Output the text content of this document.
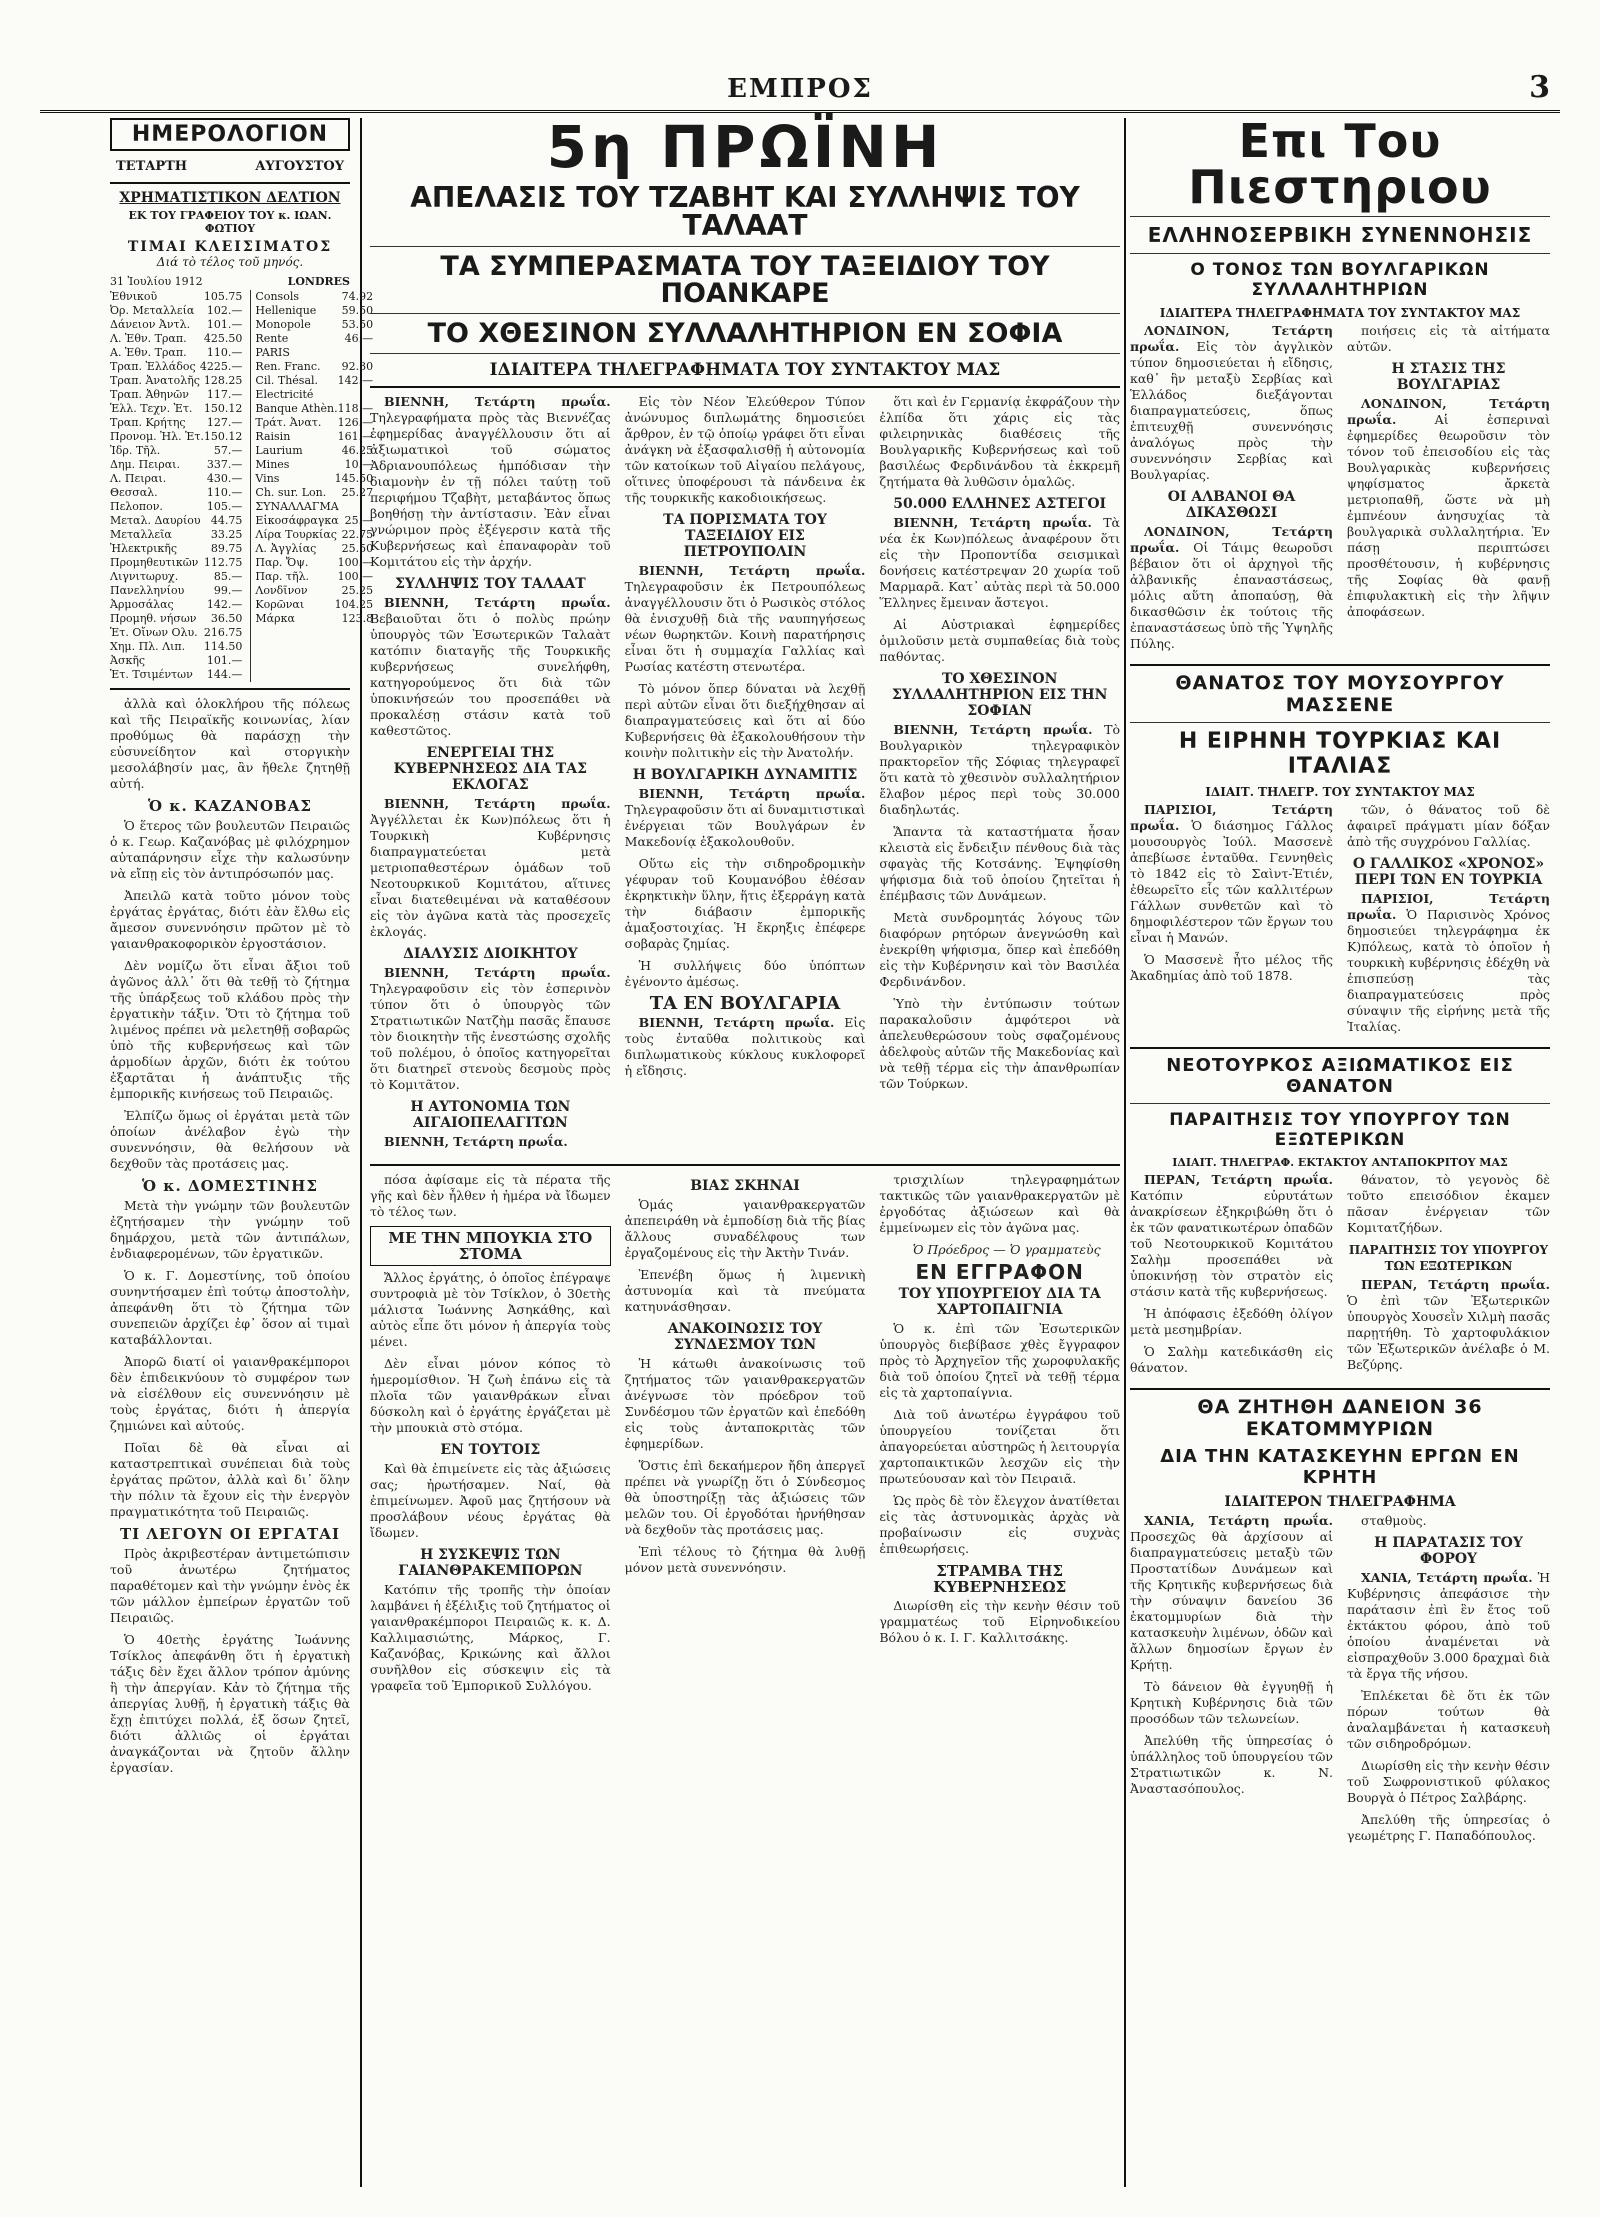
ΕΜΠΡΟΣ	3
ΗΜΕΡΟΛΟΓΙΟΝ
ΤΕΤΑΡΤΗ	ΑΥΓΟΥΣΤΟΥ
ΧΡΗΜΑΤΙΣΤΙΚΟΝ ΔΕΛΤΙΟΝ
ΕΚ ΤΟΥ ΓΡΑΦΕΙΟΥ ΤΟΥ κ. ΙΩΑΝ. ΦΩΤΙΟΥ
ΤΙΜΑΙ ΚΛΕΙΣΙΜΑΤΟΣ
Διά τὸ τέλος τοῦ μηνός.
31 Ἰουλίου 1912	LONDRES
Ἐθνικοῦ	105.75
Ὀρ. Μεταλλεία 102.—
Δάνειον Ἀντλ. 101.—
Λ. Ἐθν. Τραπ. 425.50
Α. Ἐθν. Τραπ. 110.—
Τραπ. Ἐλλάδος 4225.—
Τραπ. Ἀνατολῆς 128.25
Τραπ. Ἀθηνῶν 117.—
Ἑλλ. Τεχν. Ἑτ. 150.12
Τραπ. Κρήτης 127.—
Προνομ. Ἠλ. Ἑτ. 150.12
Ἰδρ. Τῆλ.	57.—
Δημ. Πειραι. 337.—
Λ. Πειραι.	430.—
Θεσσαλ.	110.—
Πελοπον.	105.—
Μεταλ. Δαυρίου 44.75
Μεταλλεῖα	33.25
Ἠλεκτρικῆς	89.75
Προμηθευτικῶν 112.75
Λιγνιτωρυχ.	85.—
Πανελληνίου	99.—
Ἀρμοσάλας	142.—
Προμηθ. νήσων 36.50
Ἑτ. Οἴνων Ολυ. 216.75
Χημ. Πλ. Λιπ. 114.50
Ἀσκῆς	101.—
Ἑτ. Τσιμέντων 144.—
Consols	74.92
Hellenique 59.50
Monopole	53.50
Rente	46.—
PARIS
Ren. Franc. 92.30
Cil. Thésal. 142.—
Electricité
Banque Athèn. 118.—
Τράτ. Ἀνατ. 126.—
Raisin	161.—
Laurium	46.25
Mines	10.—
Vins	145.50
Ch. sur. Lon. 25.27
ΣΥΝΑΛΛΑΓΜΑ
Εἰκοσάφραγκα 25.—
Λίρα Τουρκίας 22.75
Λ. Ἀγγλίας 25.50
Παρ. Ὄψ.	100.—
Παρ. τῆλ.	100.—
Λονδῖνον	25.25
Κορῶναι	104.25
Μάρκα	123.8

ἀλλὰ καὶ ὁλοκλήρου τῆς πόλεως καὶ τῆς Πειραϊκῆς κοινωνίας, λίαν προθύμως θὰ παράσχῃ τὴν εὐσυνείδητον καὶ στοργικὴν μεσολάβησίν μας, ἂν ἤθελε ζητηθῇ αὐτή.

Ὁ κ. ΚΑΖΑΝΟΒΑΣ

Ὁ ἕτερος τῶν βουλευτῶν Πειραιῶς ὁ κ. Γεωρ. Καζανόβας μὲ φιλόχρημον αὐταπάρνησιν εἶχε τὴν καλωσύνην νὰ εἴπῃ εἰς τὸν ἀντιπρόσωπόν μας.

Ἀπειλῶ κατὰ τοῦτο μόνον τοὺς ἐργάτας ἐργάτας, διότι ἐὰν ἔλθω εἰς ἄμεσον συνεννόησιν πρῶτον μὲ τὸ γαιανθρακοφορικὸν ἐργοστάσιον.

Δὲν νομίζω ὅτι εἶναι ἄξιοι τοῦ ἀγῶνος ἀλλ᾽ ὅτι θὰ τεθῇ τὸ ζήτημα τῆς ὑπάρξεως τοῦ κλάδου πρὸς τὴν ἐργατικὴν τάξιν. Ὅτι τὸ ζήτημα τοῦ λιμένος πρέπει νὰ μελετηθῇ σοβαρῶς ὑπὸ τῆς κυβερνήσεως καὶ τῶν ἁρμοδίων ἀρχῶν, διότι ἐκ τούτου ἐξαρτᾶται ἡ ἀνάπτυξις τῆς ἐμπορικῆς κινήσεως τοῦ Πειραιῶς.

Ἐλπίζω ὅμως οἱ ἐργάται μετὰ τῶν ὁποίων ἀνέλαβον ἐγὼ τὴν συνεννόησιν, θὰ θελήσουν νὰ δεχθοῦν τὰς προτάσεις μας.

Ὁ κ. ΔΟΜΕΣΤΙΝΗΣ

Μετὰ τὴν γνώμην τῶν βουλευτῶν ἐζητήσαμεν τὴν γνώμην τοῦ δημάρχου, μετὰ τῶν ἀντιπάλων, ἐνδιαφερομένων, τῶν ἐργατικῶν.

Ὁ κ. Γ. Δομεστίνης, τοῦ ὁποίου συνηντήσαμεν ἐπὶ τούτῳ ἀποστολὴν, ἀπεφάνθη ὅτι τὸ ζήτημα τῶν συνεπειῶν ἀρχίζει ἐφ᾽ ὅσον αἱ τιμαὶ καταβάλλονται.

Ἀπορῶ διατί οἱ γαιανθρακέμποροι δὲν ἐπιδεικνύουν τὸ συμφέρον των νὰ εἰσέλθουν εἰς συνεννόησιν μὲ τοὺς ἐργάτας, διότι ἡ ἀπεργία ζημιώνει καὶ αὐτούς.

Ποῖαι δὲ θὰ εἶναι αἱ καταστρεπτικαὶ συνέπειαι διὰ τοὺς ἐργάτας πρῶτον, ἀλλὰ καὶ δι᾽ ὅλην τὴν πόλιν τὰ ἔχουν εἰς τὴν ἐνεργὸν πραγματικότητα τοῦ Πειραιῶς.

ΤΙ ΛΕΓΟΥΝ ΟΙ ΕΡΓΑΤΑΙ

Πρὸς ἀκριβεστέραν ἀντιμετώπισιν τοῦ ἀνωτέρω ζητήματος παραθέτομεν καὶ τὴν γνώμην ἑνὸς ἐκ τῶν μάλλον ἐμπείρων ἐργατῶν τοῦ Πειραιῶς.

Ὁ 40ετὴς ἐργάτης Ἰωάννης Τσίκλος ἀπεφάνθη ὅτι ἡ ἐργατικὴ τάξις δὲν ἔχει ἄλλον τρόπον ἀμύνης ἢ τὴν ἀπεργίαν. Κἀν τὸ ζήτημα τῆς ἀπεργίας λυθῇ, ἡ ἐργατικὴ τάξις θὰ ἔχῃ ἐπιτύχει πολλά, ἐξ ὅσων ζητεῖ, διότι ἀλλιῶς οἱ ἐργάται ἀναγκάζονται νὰ ζητοῦν ἄλλην ἐργασίαν.

5η ΠΡΩΪΝΗ
ΑΠΕΛΑΣΙΣ ΤΟΥ ΤΖΑΒΗΤ ΚΑΙ ΣΥΛΛΗΨΙΣ ΤΟΥ ΤΑΛΑΑΤ
ΤΑ ΣΥΜΠΕΡΑΣΜΑΤΑ ΤΟΥ ΤΑΞΕΙΔΙΟΥ ΤΟΥ ΠΟΑΝΚΑΡΕ
ΤΟ ΧΘΕΣΙΝΟΝ ΣΥΛΛΑΛΗΤΗΡΙΟΝ ΕΝ ΣΟΦΙΑ
ΙΔΙΑΙΤΕΡΑ ΤΗΛΕΓΡΑΦΗΜΑΤΑ ΤΟΥ ΣΥΝΤΑΚΤΟΥ ΜΑΣ

ΒΙΕΝΝΗ, Τετάρτη πρωΐα. Τηλεγραφήματα πρὸς τὰς Βιεννέζας ἐφημερίδας ἀναγγέλλουσιν ὅτι αἱ ἀξιωματικοὶ τοῦ σώματος Ἀδριανουπόλεως ἠμπόδισαν τὴν διαμονὴν ἐν τῇ πόλει ταύτῃ τοῦ περιφήμου Τζαβὴτ, μεταβάντος ὅπως βοηθήσῃ τὴν ἀντίστασιν. Ἐὰν εἶναι γνώριμον πρὸς ἐξέγερσιν κατὰ τῆς Κυβερνήσεως καὶ ἐπαναφορὰν τοῦ Κομιτάτου εἰς τὴν ἀρχήν.

ΣΥΛΛΗΨΙΣ ΤΟΥ ΤΑΛΑΑΤ

ΒΙΕΝΝΗ, Τετάρτη πρωΐα. Βεβαιοῦται ὅτι ὁ πολὺς πρώην ὑπουργὸς τῶν Ἐσωτερικῶν Ταλαὰτ κατόπιν διαταγῆς τῆς Τουρκικῆς κυβερνήσεως συνελήφθη, κατηγορούμενος ὅτι διὰ τῶν ὑποκινήσεών του προσεπάθει νὰ προκαλέσῃ στάσιν κατὰ τοῦ καθεστῶτος.

ΕΝΕΡΓΕΙΑΙ ΤΗΣ ΚΥΒΕΡΝΗΣΕΩΣ ΔΙΑ ΤΑΣ ΕΚΛΟΓΑΣ

ΒΙΕΝΝΗ, Τετάρτη πρωΐα. Ἀγγέλλεται ἐκ Κων)πόλεως ὅτι ἡ Τουρκικὴ Κυβέρνησις διαπραγματεύεται μετὰ μετριοπαθεστέρων ὁμάδων τοῦ Νεοτουρκικοῦ Κομιτάτου, αἵτινες εἶναι διατεθειμέναι νὰ καταθέσουν εἰς τὸν ἀγῶνα κατὰ τὰς προσεχεῖς ἐκλογάς.

ΔΙΑΛΥΣΙΣ ΔΙΟΙΚΗΤΟΥ

ΒΙΕΝΝΗ, Τετάρτη πρωΐα. Τηλεγραφοῦσιν εἰς τὸν ἑσπερινὸν τύπον ὅτι ὁ ὑπουργὸς τῶν Στρατιωτικῶν Νατζὴμ πασᾶς ἔπαυσε τὸν διοικητὴν τῆς ἐνεστώσης σχολῆς τοῦ πολέμου, ὁ ὁποῖος κατηγορεῖται ὅτι διατηρεῖ στενοὺς δεσμοὺς πρὸς τὸ Κομιτᾶτον.

Η ΑΥΤΟΝΟΜΙΑ ΤΩΝ ΑΙΓΑΙΟΠΕΛΑΓΙΤΩΝ

ΒΙΕΝΝΗ, Τετάρτη πρωΐα.

Εἰς τὸν Νέον Ἐλεύθερον Τύπον ἀνώνυμος διπλωμάτης δημοσιεύει ἄρθρον, ἐν τῷ ὁποίῳ γράφει ὅτι εἶναι ἀνάγκη νὰ ἐξασφαλισθῇ ἡ αὐτονομία τῶν κατοίκων τοῦ Αἰγαίου πελάγους, οἵτινες ὑποφέρουσι τὰ πάνδεινα ἐκ τῆς τουρκικῆς κακοδιοικήσεως.

ΤΑ ΠΟΡΙΣΜΑΤΑ ΤΟΥ ΤΑΞΕΙΔΙΟΥ ΕΙΣ ΠΕΤΡΟΥΠΟΛΙΝ

ΒΙΕΝΝΗ, Τετάρτη πρωΐα. Τηλεγραφοῦσιν ἐκ Πετρουπόλεως ἀναγγέλλουσιν ὅτι ὁ Ρωσικὸς στόλος θὰ ἐνισχυθῇ διὰ τῆς ναυπηγήσεως νέων θωρηκτῶν. Κοινὴ παρατήρησις εἶναι ὅτι ἡ συμμαχία Γαλλίας καὶ Ρωσίας κατέστη στενωτέρα.

Τὸ μόνον ὅπερ δύναται νὰ λεχθῇ περὶ αὐτῶν εἶναι ὅτι διεξήχθησαν αἱ διαπραγματεύσεις καὶ ὅτι αἱ δύο Κυβερνήσεις θὰ ἐξακολουθήσουν τὴν κοινὴν πολιτικὴν εἰς τὴν Ἀνατολήν.

Η ΒΟΥΛΓΑΡΙΚΗ ΔΥΝΑΜΙΤΙΣ

ΒΙΕΝΝΗ, Τετάρτη πρωΐα. Τηλεγραφοῦσιν ὅτι αἱ δυναμιτιστικαὶ ἐνέργειαι τῶν Βουλγάρων ἐν Μακεδονίᾳ ἐξακολουθοῦν.

Οὕτω εἰς τὴν σιδηροδρομικὴν γέφυραν τοῦ Κουμανόβου ἐθέσαν ἐκρηκτικὴν ὕλην, ἥτις ἐξερράγη κατὰ τὴν διάβασιν ἐμπορικῆς ἁμαξοστοιχίας. Ἡ ἔκρηξις ἐπέφερε σοβαρὰς ζημίας.

Ἡ συλλήψεις δύο ὑπόπτων ἐγένοντο ἀμέσως.

ΤΑ ΕΝ ΒΟΥΛΓΑΡΙΑ

ΒΙΕΝΝΗ, Τετάρτη πρωΐα. Εἰς τοὺς ἐνταῦθα πολιτικοὺς καὶ διπλωματικοὺς κύκλους κυκλοφορεῖ ἡ εἴδησις.

ὅτι καὶ ἐν Γερμανίᾳ ἐκφράζουν τὴν ἐλπίδα ὅτι χάρις εἰς τὰς φιλειρηνικὰς διαθέσεις τῆς Βουλγαρικῆς Κυβερνήσεως καὶ τοῦ βασιλέως Φερδινάνδου τὰ ἐκκρεμῆ ζητήματα θὰ λυθῶσιν ὁμαλῶς.

50.000 ΕΛΛΗΝΕΣ ΑΣΤΕΓΟΙ

ΒΙΕΝΝΗ, Τετάρτη πρωΐα. Τὰ νέα ἐκ Κων)πόλεως ἀναφέρουν ὅτι εἰς τὴν Προποντίδα σεισμικαὶ δονήσεις κατέστρεψαν 20 χωρία τοῦ Μαρμαρᾶ. Κατ᾽ αὐτὰς περὶ τὰ 50.000 Ἕλληνες ἔμειναν ἄστεγοι.

Αἱ Αὐστριακαὶ ἐφημερίδες ὁμιλοῦσιν μετὰ συμπαθείας διὰ τοὺς παθόντας.

ΤΟ ΧΘΕΣΙΝΟΝ ΣΥΛΛΑΛΗΤΗΡΙΟΝ ΕΙΣ ΤΗΝ ΣΟΦΙΑΝ

ΒΙΕΝΝΗ, Τετάρτη πρωΐα. Τὸ Βουλγαρικὸν τηλεγραφικὸν πρακτορεῖον τῆς Σόφιας τηλεγραφεῖ ὅτι κατὰ τὸ χθεσινὸν συλλαλητήριον ἔλαβον μέρος περὶ τοὺς 30.000 διαδηλωτάς.

Ἅπαντα τὰ καταστήματα ἦσαν κλειστὰ εἰς ἔνδειξιν πένθους διὰ τὰς σφαγὰς τῆς Κοτσάνης. Ἐψηφίσθη ψήφισμα διὰ τοῦ ὁποίου ζητεῖται ἡ ἐπέμβασις τῶν Δυνάμεων.

Μετὰ συνδρομητάς λόγους τῶν διαφόρων ρητόρων ἀνεγνώσθη καὶ ἐνεκρίθη ψήφισμα, ὅπερ καὶ ἐπεδόθη εἰς τὴν Κυβέρνησιν καὶ τὸν Βασιλέα Φερδινάνδον.

Ὑπὸ τὴν ἐντύπωσιν τούτων παρακαλοῦσιν ἀμφότεροι νὰ ἀπελευθερώσουν τοὺς σφαζομένους ἀδελφοὺς αὐτῶν τῆς Μακεδονίας καὶ νὰ τεθῇ τέρμα εἰς τὴν ἀπανθρωπίαν τῶν Τούρκων.

πόσα ἀφίσαμε εἰς τὰ πέρατα τῆς γῆς καὶ δὲν ἦλθεν ἡ ἡμέρα νὰ ἴδωμεν τὸ τέλος των.

ΜΕ ΤΗΝ ΜΠΟΥΚΙΑ ΣΤΟ ΣΤΟΜΑ

Ἄλλος ἐργάτης, ὁ ὁποῖος ἐπέγραψε συντροφιὰ μὲ τὸν Τσίκλον, ὁ 30ετὴς μάλιστα Ἰωάννης Ἀσηκάθης, καὶ αὐτὸς εἶπε ὅτι μόνον ἡ ἀπεργία τοὺς μένει.

Δὲν εἶναι μόνον κόπος τὸ ἡμερομίσθιον. Ἡ ζωὴ ἐπάνω εἰς τὰ πλοῖα τῶν γαιανθράκων εἶναι δύσκολη καὶ ὁ ἐργάτης ἐργάζεται μὲ τὴν μπουκιὰ στὸ στόμα.

ΕΝ ΤΟΥΤΟΙΣ

Καὶ θὰ ἐπιμείνετε εἰς τὰς ἀξιώσεις σας; ἠρωτήσαμεν. Ναί, θὰ ἐπιμείνωμεν. Ἀφοῦ μας ζητήσουν νὰ προσλάβουν νέους ἐργάτας θὰ ἴδωμεν.

Η ΣΥΣΚΕΨΙΣ ΤΩΝ ΓΑΙΑΝΘΡΑΚΕΜΠΟΡΩΝ

Κατόπιν τῆς τροπῆς τὴν ὁποίαν λαμβάνει ἡ ἐξέλιξις τοῦ ζητήματος οἱ γαιανθρακέμποροι Πειραιῶς κ. κ. Δ. Καλλιμασιώτης, Μάρκος, Γ. Καζανόβας, Κρικώνης καὶ ἄλλοι συνῆλθον εἰς σύσκεψιν εἰς τὰ γραφεῖα τοῦ Ἐμπορικοῦ Συλλόγου.

ΒΙΑΣ ΣΚΗΝΑΙ

Ὁμάς γαιανθρακεργατῶν ἀπεπειράθη νὰ ἐμποδίσῃ διὰ τῆς βίας ἄλλους συναδέλφους των ἐργαζομένους εἰς τὴν Ἀκτὴν Τινάν.

Ἐπενέβη ὅμως ἡ λιμενικὴ ἀστυνομία καὶ τὰ πνεύματα κατηυνάσθησαν.

ΑΝΑΚΟΙΝΩΣΙΣ ΤΟΥ ΣΥΝΔΕΣΜΟΥ ΤΩΝ

Ἡ κάτωθι ἀνακοίνωσις τοῦ ζητήματος τῶν γαιανθρακεργατῶν ἀνέγνωσε τὸν πρόεδρον τοῦ Συνδέσμου τῶν ἐργατῶν καὶ ἐπεδόθη εἰς τοὺς ἀνταποκριτὰς τῶν ἐφημερίδων.

Ὅστις ἐπὶ δεκαήμερον ἤδη ἀπεργεῖ πρέπει νὰ γνωρίζῃ ὅτι ὁ Σύνδεσμος θὰ ὑποστηρίξῃ τὰς ἀξιώσεις τῶν μελῶν του. Οἱ ἐργοδόται ἠρνήθησαν νὰ δεχθοῦν τὰς προτάσεις μας.

Ἐπὶ τέλους τὸ ζήτημα θὰ λυθῇ μόνον μετὰ συνεννόησιν.

τρισχιλίων τηλεγραφημάτων τακτικῶς τῶν γαιανθρακεργατῶν μὲ ἐργοδότας ἀξιώσεων καὶ θὰ ἐμμείνωμεν εἰς τὸν ἀγῶνα μας.

Ὁ Πρόεδρος — Ὁ γραμματεὺς

ΕΝ ΕΓΓΡΑΦΟΝ
ΤΟΥ ΥΠΟΥΡΓΕΙΟΥ ΔΙΑ ΤΑ ΧΑΡΤΟΠΑΙΓΝΙΑ

Ὁ κ. ἐπὶ τῶν Ἐσωτερικῶν ὑπουργὸς διεβίβασε χθὲς ἔγγραφον πρὸς τὸ Ἀρχηγεῖον τῆς χωροφυλακῆς διὰ τοῦ ὁποίου ζητεῖ νὰ τεθῇ τέρμα εἰς τὰ χαρτοπαίγνια.

Διὰ τοῦ ἀνωτέρω ἐγγράφου τοῦ ὑπουργείου τονίζεται ὅτι ἀπαγορεύεται αὐστηρῶς ἡ λειτουργία χαρτοπαικτικῶν λεσχῶν εἰς τὴν πρωτεύουσαν καὶ τὸν Πειραιᾶ.

Ὡς πρὸς δὲ τὸν ἔλεγχον ἀνατίθεται εἰς τὰς ἀστυνομικὰς ἀρχὰς νὰ προβαίνωσιν εἰς συχνὰς ἐπιθεωρήσεις.

ΣΤΡΑΜΒΑ ΤΗΣ ΚΥΒΕΡΝΗΣΕΩΣ

Διωρίσθη εἰς τὴν κενὴν θέσιν τοῦ γραμματέως τοῦ Εἰρηνοδικείου Βόλου ὁ κ. Ι. Γ. Καλλιτσάκης.

Επι Του Πιεστηριου
ΕΛΛΗΝΟΣΕΡΒΙΚΗ ΣΥΝΕΝΝΟΗΣΙΣ
Ο ΤΟΝΟΣ ΤΩΝ ΒΟΥΛΓΑΡΙΚΩΝ ΣΥΛΛΑΛΗΤΗΡΙΩΝ
ΙΔΙΑΙΤΕΡΑ ΤΗΛΕΓΡΑΦΗΜΑΤΑ ΤΟΥ ΣΥΝΤΑΚΤΟΥ ΜΑΣ

ΛΟΝΔΙΝΟΝ, Τετάρτη πρωΐα. Εἰς τὸν ἀγγλικὸν τύπον δημοσιεύεται ἡ εἴδησις, καθ᾽ ἣν μεταξὺ Σερβίας καὶ Ἑλλάδος διεξάγονται διαπραγματεύσεις, ὅπως ἐπιτευχθῇ συνεννόησις ἀναλόγως πρὸς τὴν συνεννόησιν Σερβίας καὶ Βουλγαρίας.

ΟΙ ΑΛΒΑΝΟΙ ΘΑ ΔΙΚΑΣΘΩΣΙ

ΛΟΝΔΙΝΟΝ, Τετάρτη πρωΐα. Οἱ Τάιμς θεωροῦσι βέβαιον ὅτι οἱ ἀρχηγοὶ τῆς ἀλβανικῆς ἐπαναστάσεως, μόλις αὕτη ἀποπαύσῃ, θὰ δικασθῶσιν ἐκ τούτοις τῆς ἐπαναστάσεως ὑπὸ τῆς Ὑψηλῆς Πύλης.

ποιήσεις εἰς τὰ αἰτήματα αὐτῶν.

Η ΣΤΑΣΙΣ ΤΗΣ ΒΟΥΛΓΑΡΙΑΣ

ΛΟΝΔΙΝΟΝ, Τετάρτη πρωΐα.	Αἱ ἑσπεριναὶ ἐφημερίδες θεωροῦσιν τὸν τόνον τοῦ ἐπεισοδίου εἰς τὰς Βουλγαρικὰς κυβερνήσεις ψηφίσματος ἄρκετὰ μετριοπαθῆ, ὥστε νὰ μὴ ἐμπνέουν ἀνησυχίας τὰ βουλγαρικὰ συλλαλητήρια. Ἐν πάσῃ περιπτώσει προσθέτουσιν, ἡ κυβέρνησις τῆς Σοφίας θὰ φανῇ ἐπιφυλακτικὴ εἰς τὴν λῆψιν ἀποφάσεων.

ΘΑΝΑΤΟΣ ΤΟΥ ΜΟΥΣΟΥΡΓΟΥ ΜΑΣΣΕΝΕ
Η ΕΙΡΗΝΗ ΤΟΥΡΚΙΑΣ ΚΑΙ ΙΤΑΛΙΑΣ
ΙΔΙΑΙΤ. ΤΗΛΕΓΡ. ΤΟΥ ΣΥΝΤΑΚΤΟΥ ΜΑΣ

ΠΑΡΙΣΙΟΙ, Τετάρτη πρωΐα. Ὁ διάσημος Γάλλος μουσουργὸς Ἰούλ. Μασσενὲ ἀπεβίωσε ἐνταῦθα. Γεννηθεὶς τὸ 1842 εἰς τὸ Σαὶντ-Ἐτιέν, ἐθεωρεῖτο εἷς τῶν καλλιτέρων Γάλλων συνθετῶν καὶ τὸ δημοφιλέστερον τῶν ἔργων του εἶναι ἡ Μανών.

Ὁ Μασσενὲ ἦτο μέλος τῆς Ἀκαδημίας ἀπὸ τοῦ 1878.

τῶν, ὁ θάνατος τοῦ δὲ ἀφαιρεῖ πράγματι μίαν δόξαν ἀπὸ τῆς συγχρόνου Γαλλίας.

Ο ΓΑΛΛΙΚΟΣ «ΧΡΟΝΟΣ» ΠΕΡΙ ΤΩΝ ΕΝ ΤΟΥΡΚΙΑ

ΠΑΡΙΣΙΟΙ, Τετάρτη πρωΐα. Ὁ Παρισινὸς Χρόνος δημοσιεύει τηλεγράφημα ἐκ Κ)πόλεως, κατὰ τὸ ὁποῖον ἡ τουρκικὴ κυβέρνησις ἐδέχθη νὰ ἐπισπεύσῃ τὰς διαπραγματεύσεις πρὸς σύναψιν τῆς εἰρήνης μετὰ τῆς Ἰταλίας.

ΝΕΟΤΟΥΡΚΟΣ ΑΞΙΩΜΑΤΙΚΟΣ ΕΙΣ ΘΑΝΑΤΟΝ
ΠΑΡΑΙΤΗΣΙΣ ΤΟΥ ΥΠΟΥΡΓΟΥ ΤΩΝ ΕΞΩΤΕΡΙΚΩΝ
ΙΔΙΑΙΤ. ΤΗΛΕΓΡΑΦ. ΕΚΤΑΚΤΟΥ ΑΝΤΑΠΟΚΡΙΤΟΥ ΜΑΣ

ΠΕΡΑΝ, Τετάρτη πρωΐα. Κατόπιν εὐρυτάτων ἀνακρίσεων ἐξηκριβώθη ὅτι ὁ ἐκ τῶν φανατικωτέρων ὀπαδῶν τοῦ Νεοτουρκικοῦ Κομιτάτου Σαλὴμ προσεπάθει νὰ ὑποκινήσῃ τὸν στρατὸν εἰς στάσιν κατὰ τῆς κυβερνήσεως.

Ἡ ἀπόφασις ἐξεδόθη ὀλίγον μετὰ μεσημβρίαν.

Ὁ Σαλὴμ κατεδικάσθη εἰς θάνατον.

θάνατον, τὸ γεγονὸς δὲ τοῦτο επεισόδιον ἐκαμεν πᾶσαν ἐνέργειαν τῶν Κομιτατζήδων.

ΠΑΡΑΙΤΗΣΙΣ ΤΟΥ ΥΠΟΥΡΓΟΥ ΤΩΝ ΕΞΩΤΕΡΙΚΩΝ

ΠΕΡΑΝ, Τετάρτη πρωΐα. Ὁ ἐπὶ τῶν Ἐξωτερικῶν ὑπουργὸς Χουσεῒν Χιλμὴ πασᾶς παρῃτήθη. Τὸ χαρτοφυλάκιον τῶν Ἐξωτερικῶν ἀνέλαβε ὁ Μ. Βεζύρης.

ΘΑ ΖΗΤΗΘΗ ΔΑΝΕΙΟΝ 36 ΕΚΑΤΟΜΜΥΡΙΩΝ
ΔΙΑ ΤΗΝ ΚΑΤΑΣΚΕΥΗΝ ΕΡΓΩΝ ΕΝ ΚΡΗΤΗ
ΙΔΙΑΙΤΕΡΟΝ ΤΗΛΕΓΡΑΦΗΜΑ

ΧΑΝΙΑ, Τετάρτη πρωΐα. Προσεχῶς θὰ ἀρχίσουν αἱ διαπραγματεύσεις μεταξὺ τῶν Προστατίδων Δυνάμεων καὶ τῆς Κρητικῆς κυβερνήσεως διὰ τὴν σύναψιν δανείου 36 ἑκατομμυρίων διὰ τὴν κατασκευὴν λιμένων, ὁδῶν καὶ ἄλλων δημοσίων ἔργων ἐν Κρήτῃ.

Τὸ δάνειον θὰ ἐγγυηθῇ ἡ Κρητικὴ Κυβέρνησις διὰ τῶν προσόδων τῶν τελωνείων.

Ἀπελύθη τῆς ὑπηρεσίας ὁ ὑπάλληλος τοῦ ὑπουργείου τῶν Στρατιωτικῶν κ. Ν. Ἀναστασόπουλος.

σταθμοὺς.

Η ΠΑΡΑΤΑΣΙΣ ΤΟΥ ΦΟΡΟΥ

ΧΑΝΙΑ, Τετάρτη πρωΐα. Ἡ Κυβέρνησις ἀπεφάσισε τὴν παράτασιν ἐπὶ ἓν ἔτος τοῦ ἐκτάκτου φόρου, ἀπὸ τοῦ ὁποίου ἀναμένεται νὰ εἰσπραχθοῦν 3.000 δραχμαὶ διὰ τὰ ἔργα τῆς νήσου.

Ἐπλέκεται δὲ ὅτι ἐκ τῶν πόρων τούτων θὰ ἀναλαμβάνεται ἡ κατασκευὴ τῶν σιδηροδρόμων.

Διωρίσθη εἰς τὴν κενὴν θέσιν τοῦ Σωφρονιστικοῦ φύλακος Βουργὰ ὁ Πέτρος Σαλβάρης.

Ἀπελύθη τῆς ὑπηρεσίας ὁ γεωμέτρης Γ. Παπαδόπουλος.
